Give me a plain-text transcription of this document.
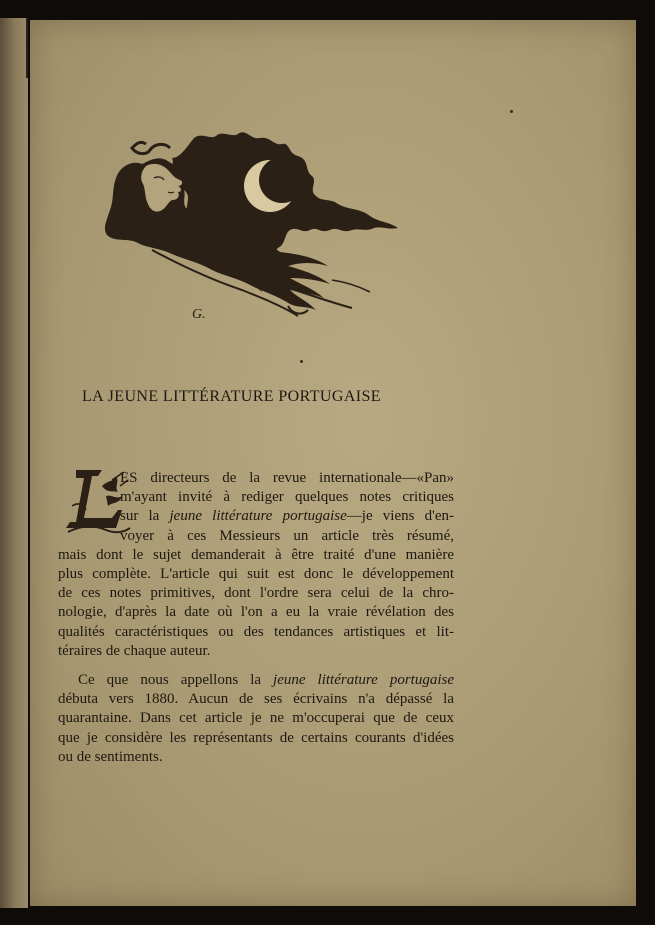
G.
LA JEUNE LITTÉRATURE PORTUGAISE
ES directeurs de la revue internationale—«Pan»
m'ayant invité à rediger quelques notes critiques
sur la jeune littérature portugaise—je viens d'en-
voyer à ces Messieurs un article très résumé,
mais dont le sujet demanderait à être traité d'une manière
plus complète. L'article qui suit est donc le développement
de ces notes primitives, dont l'ordre sera celui de la chro-
nologie, d'après la date où l'on a eu la vraie révélation des
qualités caractéristiques ou des tendances artistiques et lit-
téraires de chaque auteur.
Ce que nous appellons la jeune littérature portugaise
débuta vers 1880. Aucun de ses écrivains n'a dépassé la
quarantaine. Dans cet article je ne m'occuperai que de ceux
que je considère les représentants de certains courants d'idées
ou de sentiments.
